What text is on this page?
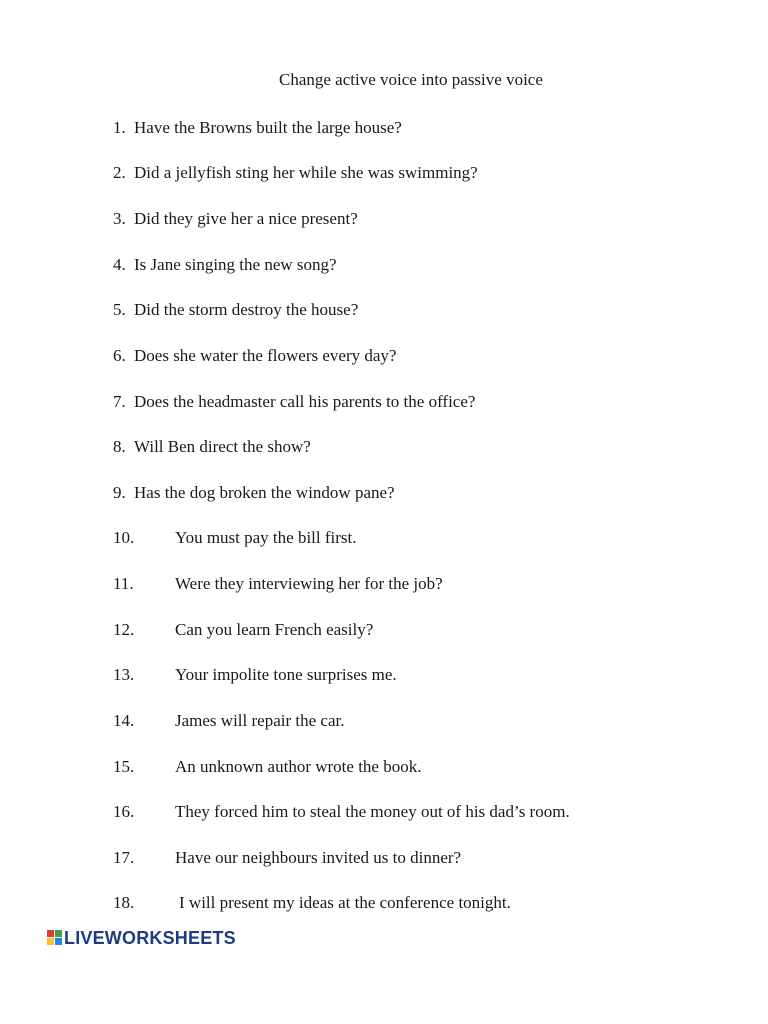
Change active voice into passive voice
1. Have the Browns built the large house?
2. Did a jellyfish sting her while she was swimming?
3. Did they give her a nice present?
4. Is Jane singing the new song?
5. Did the storm destroy the house?
6. Does she water the flowers every day?
7. Does the headmaster call his parents to the office?
8. Will Ben direct the show?
9. Has the dog broken the window pane?
10. You must pay the bill first.
11. Were they interviewing her for the job?
12. Can you learn French easily?
13. Your impolite tone surprises me.
14. James will repair the car.
15. An unknown author wrote the book.
16. They forced him to steal the money out of his dad’s room.
17. Have our neighbours invited us to dinner?
18.	I will present my ideas at the conference tonight.
LIVEWORKSHEETS
